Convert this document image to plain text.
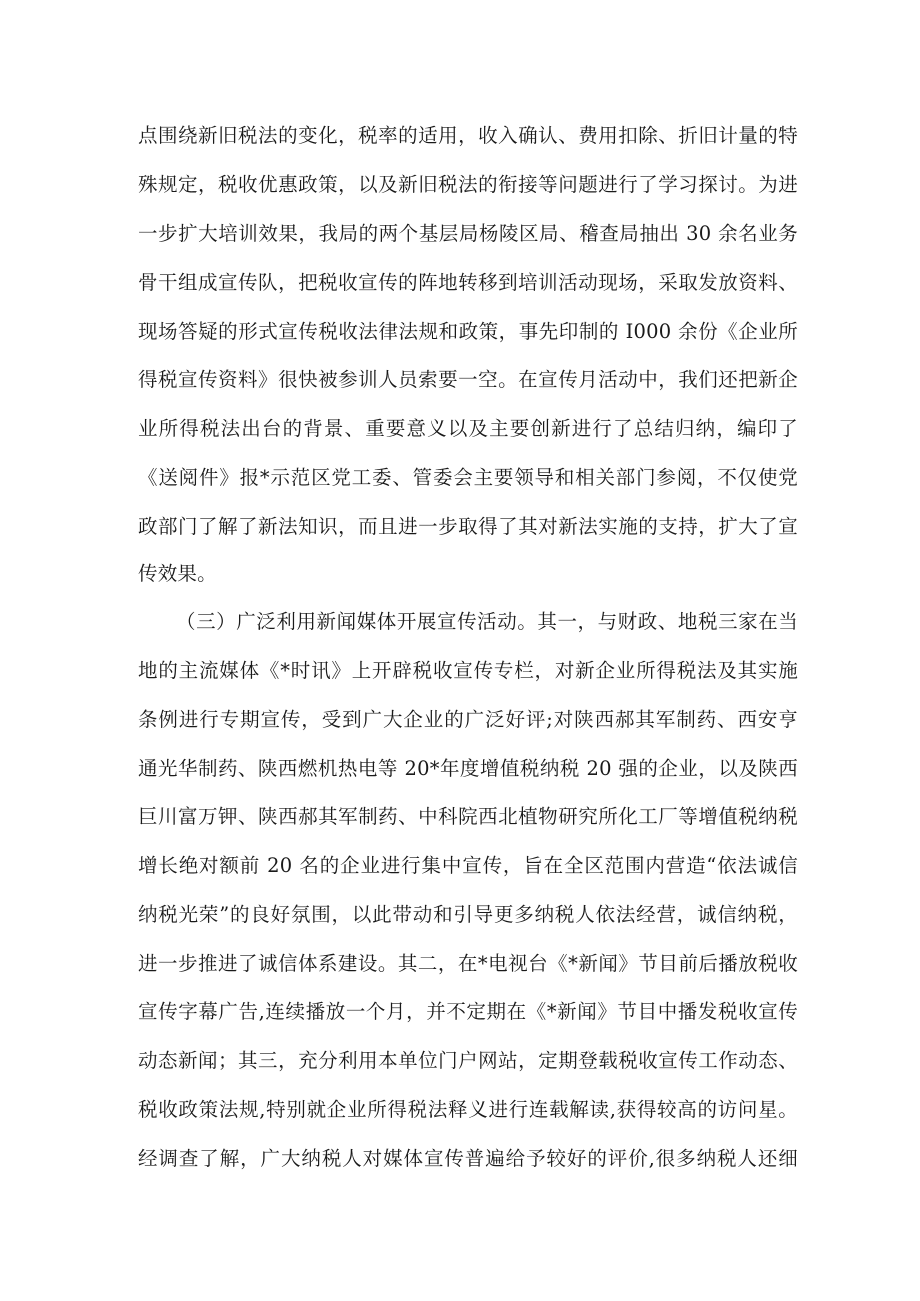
点围绕新旧税法的变化，税率的适用，收入确认、费用扣除、折旧计量的特
殊规定，税收优惠政策，以及新旧税法的衔接等问题进行了学习探讨。为进
一步扩大培训效果，我局的两个基层局杨陵区局、稽查局抽出 30 余名业务
骨干组成宣传队，把税收宣传的阵地转移到培训活动现场，采取发放资料、
现场答疑的形式宣传税收法律法规和政策，事先印制的 I000 余份《企业所
得税宣传资料》很快被参训人员索要一空。在宣传月活动中，我们还把新企
业所得税法出台的背景、重要意义以及主要创新进行了总结归纳，编印了
《送阅件》报*示范区党工委、管委会主要领导和相关部门参阅，不仅使党
政部门了解了新法知识，而且进一步取得了其对新法实施的支持，扩大了宣
传效果。
（三）广泛利用新闻媒体开展宣传活动。其一，与财政、地税三家在当
地的主流媒体《*时讯》上开辟税收宣传专栏，对新企业所得税法及其实施
条例进行专期宣传，受到广大企业的广泛好评;对陕西郝其军制药、西安亨
通光华制药、陕西燃机热电等 20*年度增值税纳税 20 强的企业，以及陕西
巨川富万钾、陕西郝其军制药、中科院西北植物研究所化工厂等增值税纳税
增长绝对额前 20 名的企业进行集中宣传，旨在全区范围内营造“依法诚信
纳税光荣”的良好氛围，以此带动和引导更多纳税人依法经营，诚信纳税，
进一步推进了诚信体系建设。其二，在*电视台《*新闻》节目前后播放税收
宣传字幕广告,连续播放一个月，并不定期在《*新闻》节目中播发税收宣传
动态新闻；其三，充分利用本单位门户网站，定期登载税收宣传工作动态、
税收政策法规,特别就企业所得税法释义进行连载解读,获得较高的访问星。
经调查了解，广大纳税人对媒体宣传普遍给予较好的评价,很多纳税人还细
